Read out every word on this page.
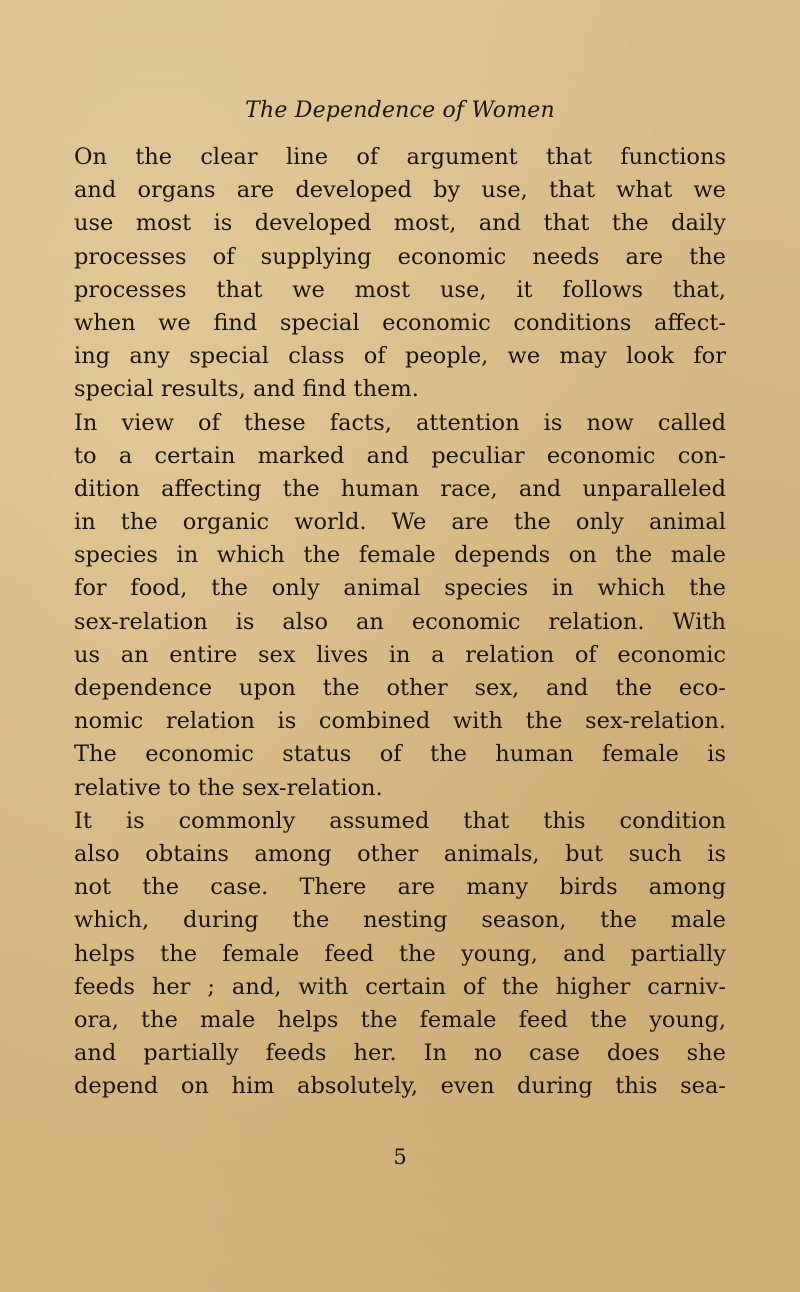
The Dependence of Women
On the clear line of argument that functions
and organs are developed by use, that what we
use most is developed most, and that the daily
processes of supplying economic needs are the
processes that we most use, it follows that,
when we find special economic conditions affect-
ing any special class of people, we may look for
special results, and find them.
In view of these facts, attention is now called
to a certain marked and peculiar economic con-
dition affecting the human race, and unparalleled
in the organic world. We are the only animal
species in which the female depends on the male
for food, the only animal species in which the
sex-relation is also an economic relation. With
us an entire sex lives in a relation of economic
dependence upon the other sex, and the eco-
nomic relation is combined with the sex-relation.
The economic status of the human female is
relative to the sex-relation.
It is commonly assumed that this condition
also obtains among other animals, but such is
not the case. There are many birds among
which, during the nesting season, the male
helps the female feed the young, and partially
feeds her ; and, with certain of the higher carniv-
ora, the male helps the female feed the young,
and partially feeds her. In no case does she
depend on him absolutely, even during this sea-
5
